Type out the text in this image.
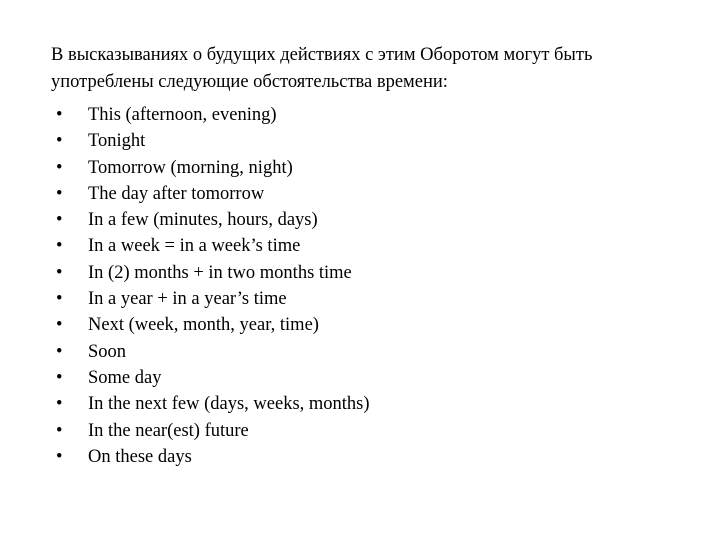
В высказываниях о будущих действиях с этим Оборотом могут быть
употреблены следующие обстоятельства времени:

• This (afternoon, evening)
• Tonight
• Tomorrow (morning, night)
• The day after tomorrow
• In a few (minutes, hours, days)
• In a week = in a week’s time
• In (2) months + in two months time
• In a year + in a year’s time
• Next (week, month, year, time)
• Soon
• Some day
• In the next few (days, weeks, months)
• In the near(est) future
• On these days
